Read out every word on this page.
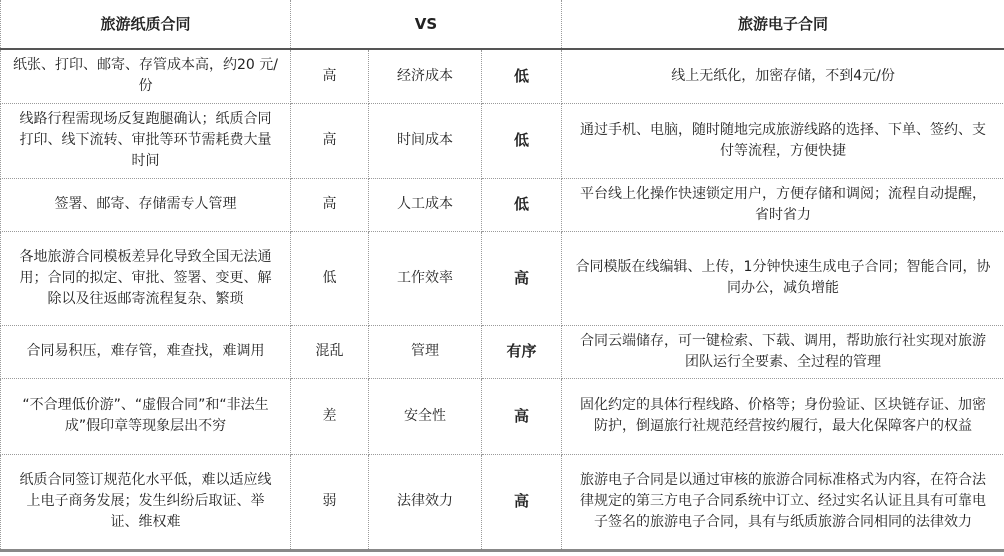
旅游纸质合同	VS			旅游电子合同
纸张、打印、邮寄、存管成本高，约20 元/份	高	经济成本	低	线上无纸化，加密存储，不到4元/份
线路行程需现场反复跑腿确认；纸质合同打印、线下流转、审批等环节需耗费大量时间	高	时间成本	低	通过手机、电脑，随时随地完成旅游线路的选择、下单、签约、支付等流程，方便快捷
签署、邮寄、存储需专人管理	高	人工成本	低	平台线上化操作快速锁定用户，方便存储和调阅；流程自动提醒，省时省力
各地旅游合同模板差异化导致全国无法通用；合同的拟定、审批、签署、变更、解除以及往返邮寄流程复杂、繁琐	低	工作效率	高	合同模版在线编辑、上传，1分钟快速生成电子合同；智能合同，协同办公，减负增能
合同易积压，难存管，难查找，难调用	混乱	管理	有序	合同云端储存，可一键检索、下载、调用，帮助旅行社实现对旅游团队运行全要素、全过程的管理
“不合理低价游”、“虚假合同”和“非法生成”假印章等现象层出不穷	差	安全性	高	固化约定的具体行程线路、价格等；身份验证、区块链存证、加密防护，倒逼旅行社规范经营按约履行，最大化保障客户的权益
纸质合同签订规范化水平低，难以适应线上电子商务发展；发生纠纷后取证、举证、维权难	弱	法律效力	高	旅游电子合同是以通过审核的旅游合同标准格式为内容，在符合法律规定的第三方电子合同系统中订立、经过实名认证且具有可靠电子签名的旅游电子合同，具有与纸质旅游合同相同的法律效力
